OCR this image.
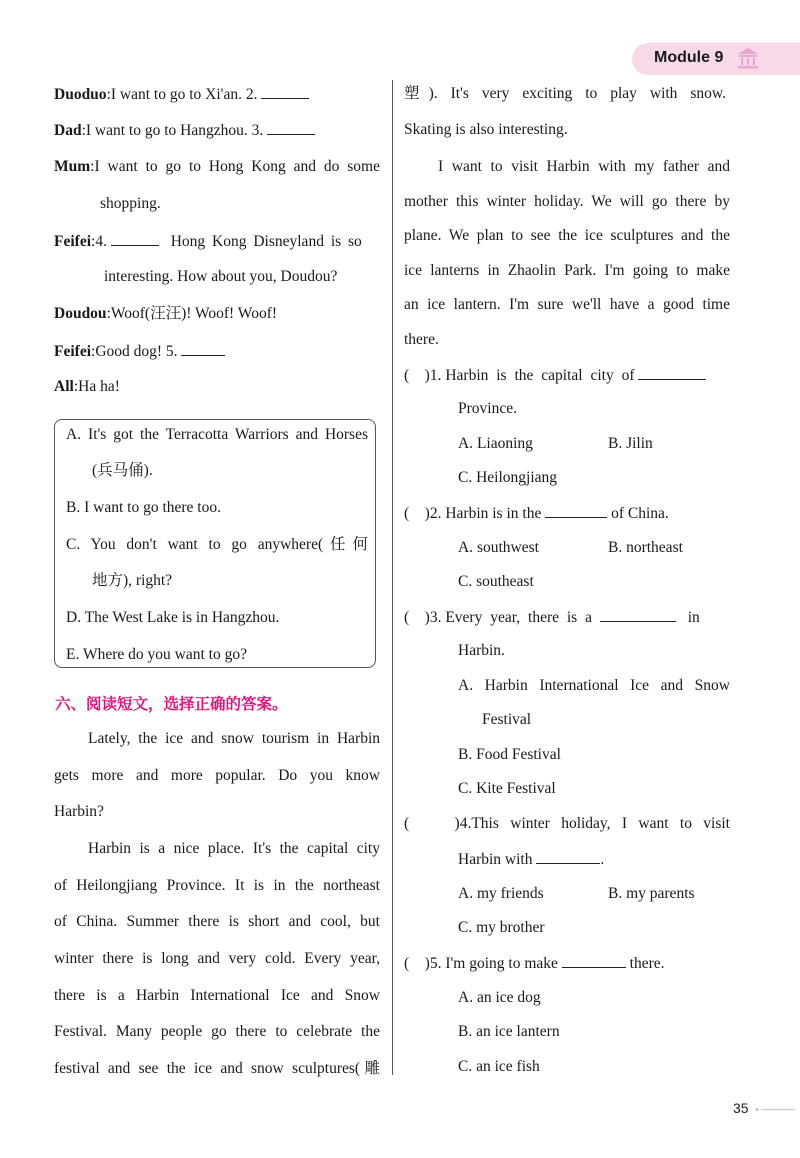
Module 9
Duoduo:I want to go to Xi'an. 2.
Dad:I want to go to Hangzhou. 3.
Mum:I want to go to Hong Kong and do some
shopping.
Feifei:4.	Hong Kong Disneyland is so
interesting. How about you, Doudou?
Doudou:Woof(汪汪)! Woof! Woof!
Feifei:Good dog! 5.
All:Ha ha!
A. It's got the Terracotta Warriors and Horses
(兵马俑).
B. I want to go there too.
C. You don't want to go anywhere(任何
地方), right?
D. The West Lake is in Hangzhou.
E. Where do you want to go?
六、阅读短文，选择正确的答案。
Lately, the ice and snow tourism in Harbin
gets more and more popular. Do you know
Harbin?
Harbin is a nice place. It's the capital city
of Heilongjiang Province. It is in the northeast
of China. Summer there is short and cool, but
winter there is long and very cold. Every year,
there is a Harbin International Ice and Snow
Festival. Many people go there to celebrate the
festival and see the ice and snow sculptures(雕
塑). It's very exciting to play with snow.
Skating is also interesting.
I want to visit Harbin with my father and
mother this winter holiday. We will go there by
plane. We plan to see the ice sculptures and the
ice lanterns in Zhaolin Park. I'm going to make
an ice lantern. I'm sure we'll have a good time
there.
(    )1. Harbin is the capital city of
Province.
A. Liaoning	B. Jilin
C. Heilongjiang
(    )2. Harbin is in the	of China.
A. southwest	B. northeast
C. southeast
(    )3. Every year, there is a	in
Harbin.
A. Harbin International Ice and Snow
Festival
B. Food Festival
C. Kite Festival
(    )4.This winter holiday, I want to visit
Harbin with	.
A. my friends	B. my parents
C. my brother
(    )5. I'm going to make	there.
A. an ice dog
B. an ice lantern
C. an ice fish
35
